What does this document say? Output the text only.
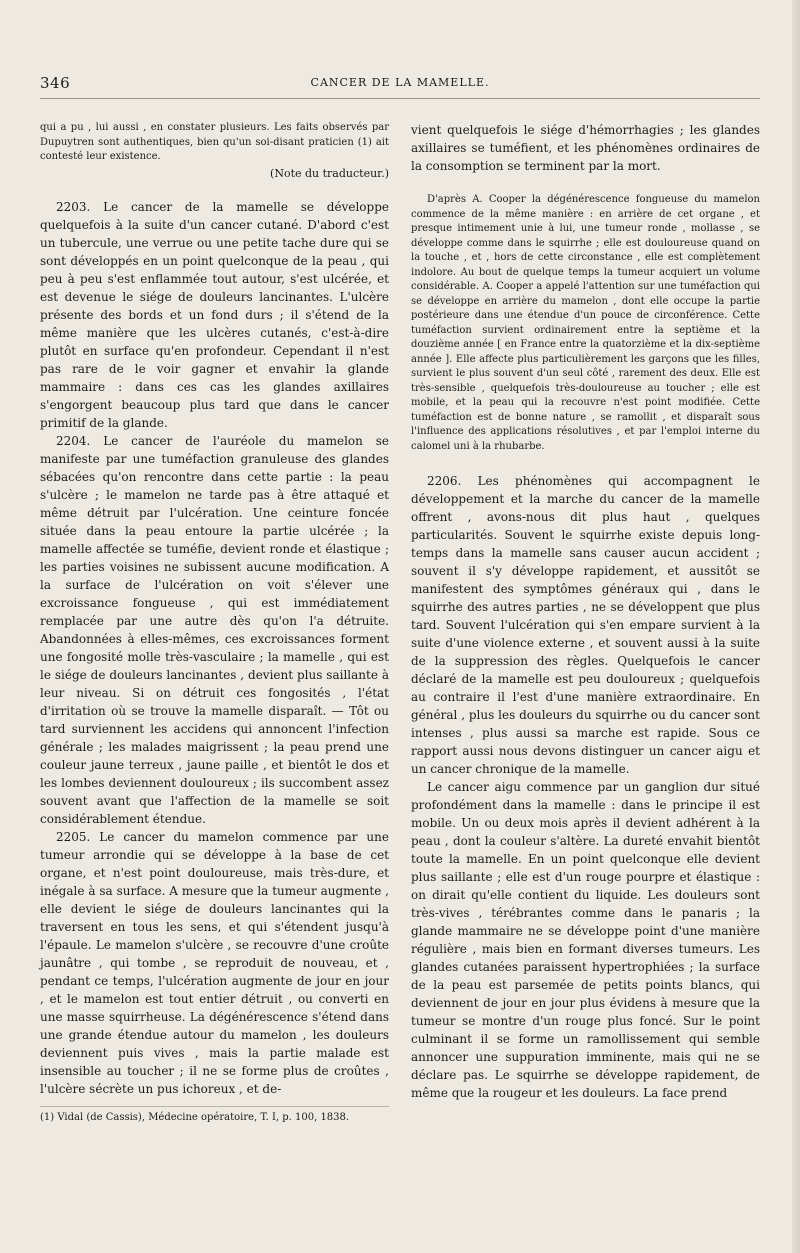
346	CANCER DE LA MAMELLE.

qui a pu , lui aussi , en constater plusieurs. Les faits observés par Dupuytren sont authentiques, bien qu'un soi-disant praticien (1) ait contesté leur existence.

(Note du traducteur.)

2203. Le cancer de la mamelle se développe quelquefois à la suite d'un cancer cutané. D'abord c'est un tubercule, une verrue ou une petite tache dure qui se sont développés en un point quelconque de la peau , qui peu à peu s'est enflammée tout autour, s'est ulcérée, et est devenue le siége de douleurs lancinantes. L'ulcère présente des bords et un fond durs ; il s'étend de la même manière que les ulcères cutanés, c'est-à-dire plutôt en surface qu'en profondeur. Cependant il n'est pas rare de le voir gagner et envahir la glande mammaire : dans ces cas les glandes axillaires s'engorgent beaucoup plus tard que dans le cancer primitif de la glande.

2204. Le cancer de l'auréole du mamelon se manifeste par une tuméfaction granuleuse des glandes sébacées qu'on rencontre dans cette partie : la peau s'ulcère ; le mamelon ne tarde pas à être attaqué et même détruit par l'ulcération. Une ceinture foncée située dans la peau entoure la partie ulcérée ; la mamelle affectée se tuméfie, devient ronde et élastique ; les parties voisines ne subissent aucune modification. A la surface de l'ulcération on voit s'élever une excroissance fongueuse , qui est immédiatement remplacée par une autre dès qu'on l'a détruite. Abandonnées à elles-mêmes, ces excroissances forment une fongosité molle très-vasculaire ; la mamelle , qui est le siége de douleurs lancinantes , devient plus saillante à leur niveau. Si on détruit ces fongosités , l'état d'irritation où se trouve la mamelle disparaît. — Tôt ou tard surviennent les accidens qui annoncent l'infection générale ; les malades maigrissent ; la peau prend une couleur jaune terreux , jaune paille , et bientôt le dos et les lombes deviennent douloureux ; ils succombent assez souvent avant que l'affection de la mamelle se soit considérablement étendue.

2205. Le cancer du mamelon commence par une tumeur arrondie qui se développe à la base de cet organe, et n'est point douloureuse, mais très-dure, et inégale à sa surface. A mesure que la tumeur augmente , elle devient le siége de douleurs lancinantes qui la traversent en tous les sens, et qui s'étendent jusqu'à l'épaule. Le mamelon s'ulcère , se recouvre d'une croûte jaunâtre , qui tombe , se reproduit de nouveau, et , pendant ce temps, l'ulcération augmente de jour en jour , et le mamelon est tout entier détruit , ou converti en une masse squirrheuse. La dégénérescence s'étend dans une grande étendue autour du mamelon , les douleurs deviennent puis vives , mais la partie malade est insensible au toucher ; il ne se forme plus de croûtes , l'ulcère sécrète un pus ichoreux , et de-

(1) Vidal (de Cassis), Médecine opératoire, T. I, p. 100, 1838.

vient quelquefois le siége d'hémorrhagies ; les glandes axillaires se tuméfient, et les phénomènes ordinaires de la consomption se terminent par la mort.

D'après A. Cooper la dégénérescence fongueuse du mamelon commence de la même manière : en arrière de cet organe , et presque intimement unie à lui, une tumeur ronde , mollasse , se développe comme dans le squirrhe ; elle est douloureuse quand on la touche , et , hors de cette circonstance , elle est complètement indolore. Au bout de quelque temps la tumeur acquiert un volume considérable. A. Cooper a appelé l'attention sur une tuméfaction qui se développe en arrière du mamelon , dont elle occupe la partie postérieure dans une étendue d'un pouce de circonférence. Cette tuméfaction survient ordinairement entre la septième et la douzième année [ en France entre la quatorzième et la dix-septième année ]. Elle affecte plus particulièrement les garçons que les filles, survient le plus souvent d'un seul côté , rarement des deux. Elle est très-sensible , quelquefois très-douloureuse au toucher ; elle est mobile, et la peau qui la recouvre n'est point modifiée. Cette tuméfaction est de bonne nature , se ramollit , et disparaît sous l'influence des applications résolutives , et par l'emploi interne du calomel uni à la rhubarbe.

2206. Les phénomènes qui accompagnent le développement et la marche du cancer de la mamelle offrent , avons-nous dit plus haut , quelques particularités. Souvent le squirrhe existe depuis long-temps dans la mamelle sans causer aucun accident ; souvent il s'y développe rapidement, et aussitôt se manifestent des symptômes généraux qui , dans le squirrhe des autres parties , ne se développent que plus tard. Souvent l'ulcération qui s'en empare survient à la suite d'une violence externe , et souvent aussi à la suite de la suppression des règles. Quelquefois le cancer déclaré de la mamelle est peu douloureux ; quelquefois au contraire il l'est d'une manière extraordinaire. En général , plus les douleurs du squirrhe ou du cancer sont intenses , plus aussi sa marche est rapide. Sous ce rapport aussi nous devons distinguer un cancer aigu et un cancer chronique de la mamelle.

Le cancer aigu commence par un ganglion dur situé profondément dans la mamelle : dans le principe il est mobile. Un ou deux mois après il devient adhérent à la peau , dont la couleur s'altère. La dureté envahit bientôt toute la mamelle. En un point quelconque elle devient plus saillante ; elle est d'un rouge pourpre et élastique : on dirait qu'elle contient du liquide. Les douleurs sont très-vives , térébrantes comme dans le panaris ; la glande mammaire ne se développe point d'une manière régulière , mais bien en formant diverses tumeurs. Les glandes cutanées paraissent hypertrophiées ; la surface de la peau est parsemée de petits points blancs, qui deviennent de jour en jour plus évidens à mesure que la tumeur se montre d'un rouge plus foncé. Sur le point culminant il se forme un ramollissement qui semble annoncer une suppuration imminente, mais qui ne se déclare pas. Le squirrhe se développe rapidement, de même que la rougeur et les douleurs. La face prend
